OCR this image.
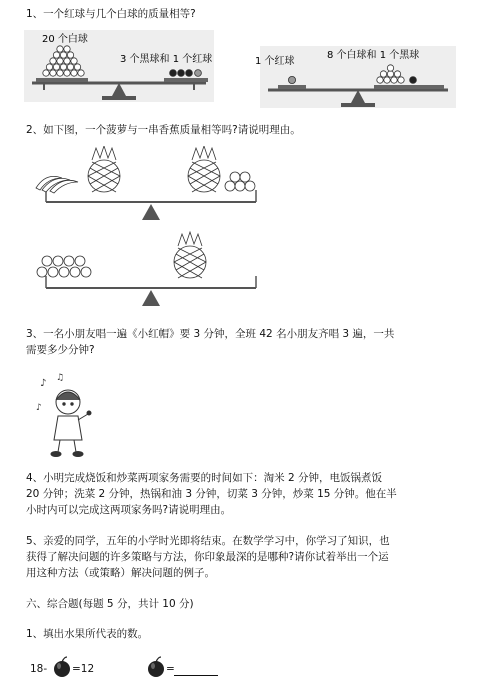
1、一个红球与几个白球的质量相等?

20 个白球
3 个黑球和 1 个红球	1 个红球
8 个白球和 1 个黑球

2、如下图，一个菠萝与一串香蕉质量相等吗?请说明理由。

3、一名小朋友唱一遍《小红帽》要 3 分钟，全班 42 名小朋友齐唱 3 遍，一共

需要多少分钟?

♪ ♫
♪

4、小明完成烧饭和炒菜两项家务需要的时间如下：淘米 2 分钟，电饭锅煮饭

20 分钟；洗菜 2 分钟，热锅和油 3 分钟，切菜 3 分钟，炒菜 15 分钟。他在半

小时内可以完成这两项家务吗?请说明理由。

5、亲爱的同学，五年的小学时光即将结束。在数学学习中，你学习了知识，也

获得了解决问题的许多策略与方法，你印象最深的是哪种?请你试着举出一个运

用这种方法（或策略）解决问题的例子。

六、综合题(每题 5 分，共计 10 分)

1、填出水果所代表的数。

18- =12	=
